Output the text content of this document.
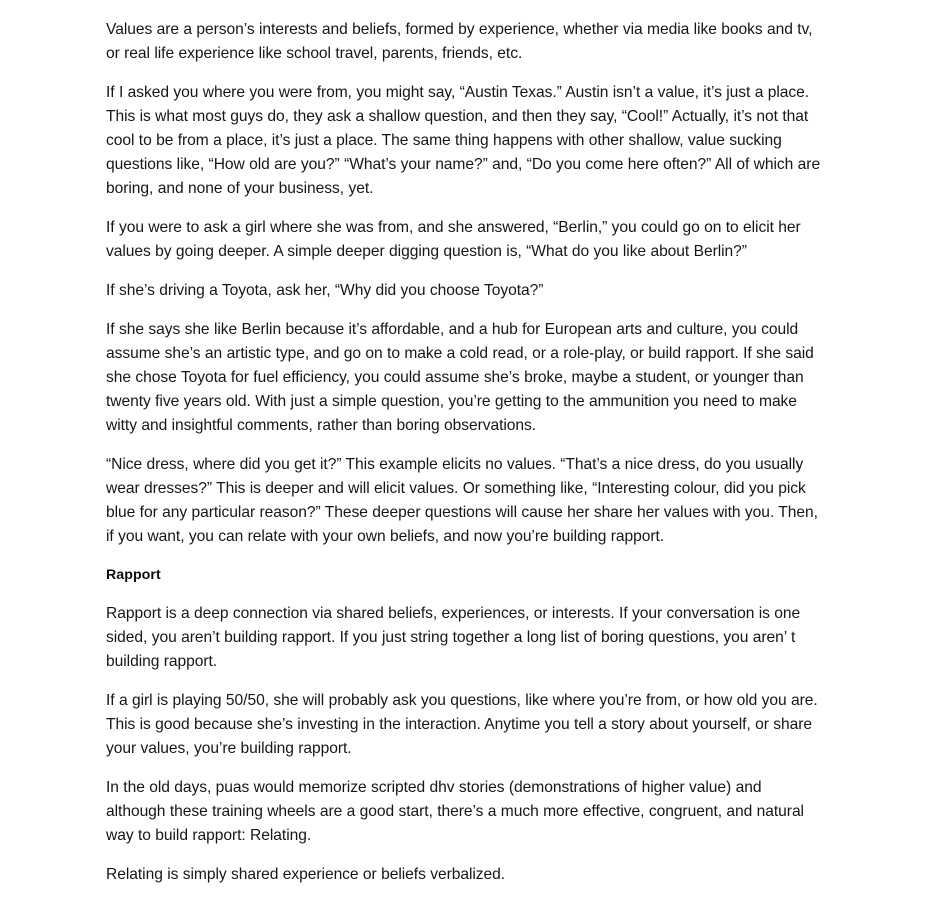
Values are a person’s interests and beliefs, formed by experience, whether via media like books and tv, or real life experience like school travel, parents, friends, etc.

If I asked you where you were from, you might say, “Austin Texas.” Austin isn’t a value, it’s just a place. This is what most guys do, they ask a shallow question, and then they say, “Cool!” Actually, it’s not that cool to be from a place, it’s just a place. The same thing happens with other shallow, value sucking questions like, “How old are you?” “What’s your name?” and, “Do you come here often?” All of which are boring, and none of your business, yet.

If you were to ask a girl where she was from, and she answered, “Berlin,” you could go on to elicit her values by going deeper. A simple deeper digging question is, “What do you like about Berlin?”

If she’s driving a Toyota, ask her, “Why did you choose Toyota?”

If she says she like Berlin because it’s affordable, and a hub for European arts and culture, you could assume she’s an artistic type, and go on to make a cold read, or a role-play, or build rapport. If she said she chose Toyota for fuel efficiency, you could assume she’s broke, maybe a student, or younger than twenty five years old. With just a simple question, you’re getting to the ammunition you need to make witty and insightful comments, rather than boring observations.

“Nice dress, where did you get it?” This example elicits no values. “That’s a nice dress, do you usually wear dresses?” This is deeper and will elicit values. Or something like, “Interesting colour, did you pick blue for any particular reason?” These deeper questions will cause her share her values with you. Then, if you want, you can relate with your own beliefs, and now you’re building rapport.

Rapport

Rapport is a deep connection via shared beliefs, experiences, or interests. If your conversation is one sided, you aren’t building rapport. If you just string together a long list of boring questions, you aren’ t building rapport.

If a girl is playing 50/50, she will probably ask you questions, like where you’re from, or how old you are. This is good because she’s investing in the interaction. Anytime you tell a story about yourself, or share your values, you’re building rapport.

In the old days, puas would memorize scripted dhv stories (demonstrations of higher value) and although these training wheels are a good start, there’s a much more effective, congruent, and natural way to build rapport: Relating.

Relating is simply shared experience or beliefs verbalized.
